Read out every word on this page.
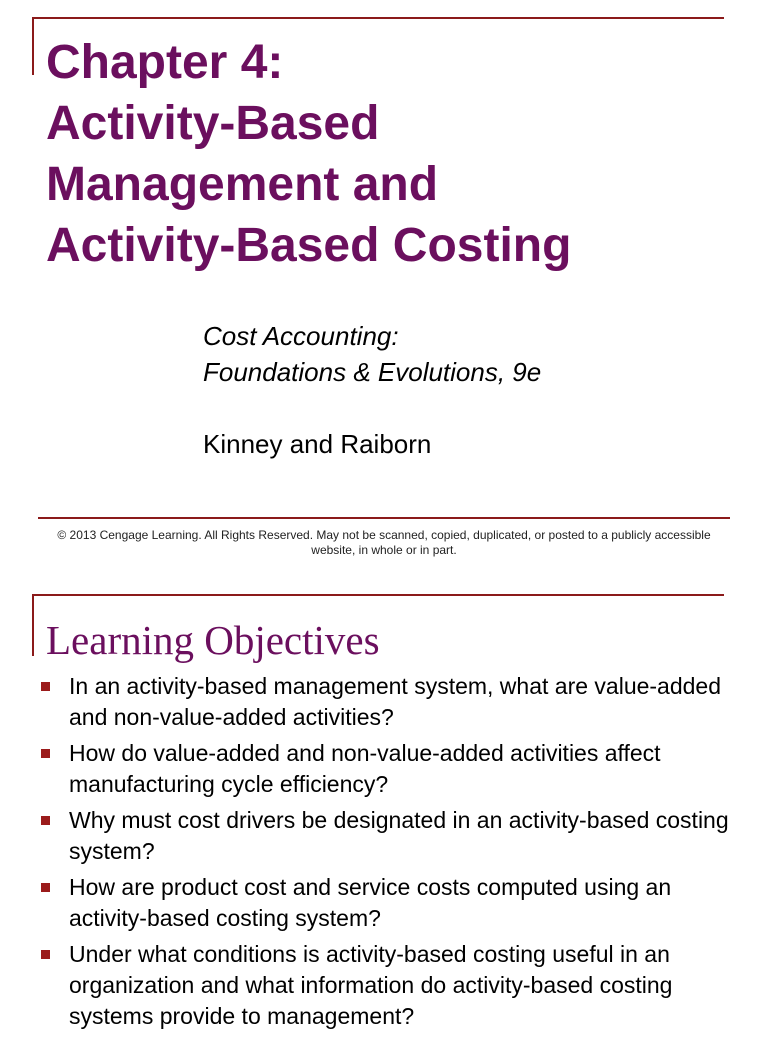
Chapter 4:
Activity-Based
Management and
Activity-Based Costing
Cost Accounting:
Foundations & Evolutions, 9e
Kinney and Raiborn
© 2013 Cengage Learning. All Rights Reserved. May not be scanned, copied, duplicated, or posted to a publicly accessible website, in whole or in part.
Learning Objectives
In an activity-based management system, what are value-added and non-value-added activities?
How do value-added and non-value-added activities affect manufacturing cycle efficiency?
Why must cost drivers be designated in an activity-based costing system?
How are product cost and service costs computed using an activity-based costing system?
Under what conditions is activity-based costing useful in an organization and what information do activity-based costing systems provide to management?
